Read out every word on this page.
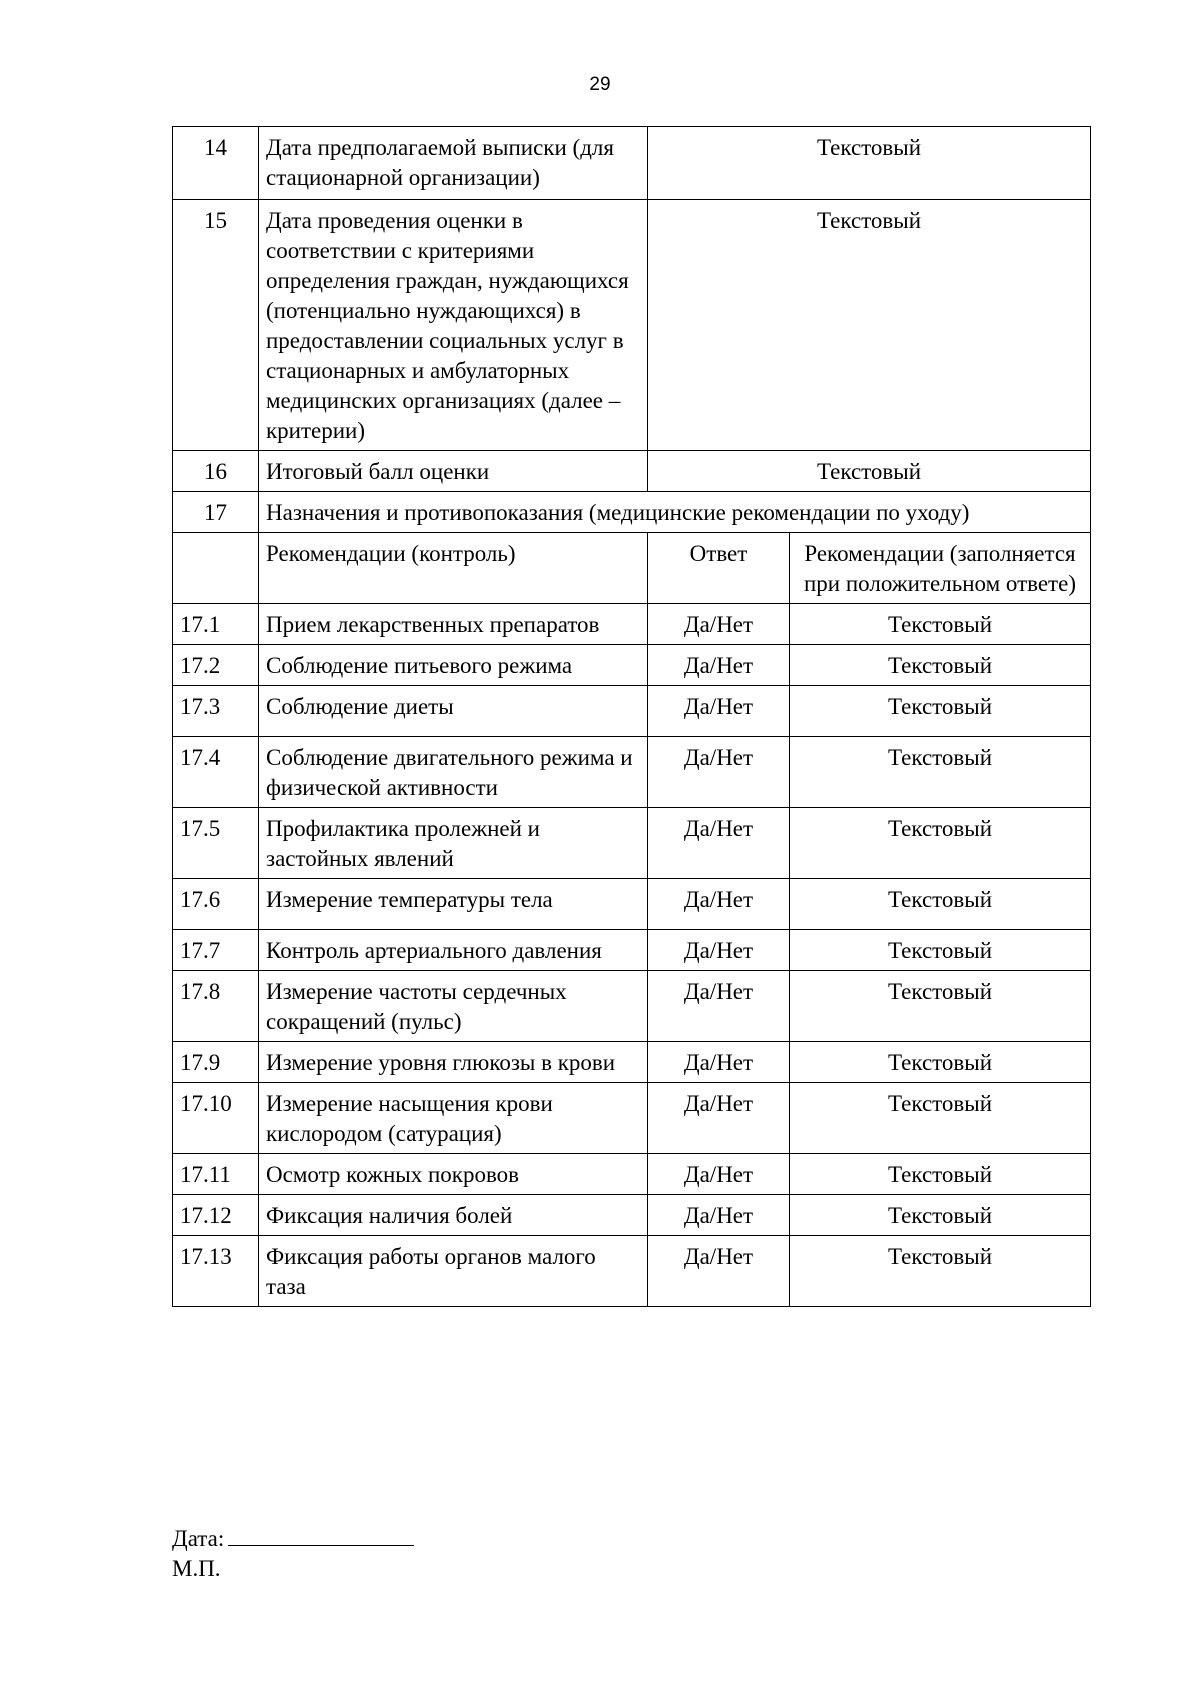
29
14	Дата предполагаемой выписки (для стационарной организации)	Текстовый	
15	Дата проведения оценки в соответствии с критериями определения граждан, нуждающихся (потенциально нуждающихся) в предоставлении социальных услуг в стационарных и амбулаторных медицинских организациях (далее – критерии)	Текстовый	
16	Итоговый балл оценки	Текстовый	
17	Назначения и противопоказания (медицинские рекомендации по уходу)		
	Рекомендации (контроль)	Ответ	Рекомендации (заполняется при положительном ответе)
17.1	Прием лекарственных препаратов	Да/Нет	Текстовый
17.2	Соблюдение питьевого режима	Да/Нет	Текстовый
17.3	Соблюдение диеты	Да/Нет	Текстовый
17.4	Соблюдение двигательного режима и физической активности	Да/Нет	Текстовый
17.5	Профилактика пролежней и застойных явлений	Да/Нет	Текстовый
17.6	Измерение температуры тела	Да/Нет	Текстовый
17.7	Контроль артериального давления	Да/Нет	Текстовый
17.8	Измерение частоты сердечных сокращений (пульс)	Да/Нет	Текстовый
17.9	Измерение уровня глюкозы в крови	Да/Нет	Текстовый
17.10	Измерение насыщения крови кислородом (сатурация)	Да/Нет	Текстовый
17.11	Осмотр кожных покровов	Да/Нет	Текстовый
17.12	Фиксация наличия болей	Да/Нет	Текстовый
17.13	Фиксация работы органов малого таза	Да/Нет	Текстовый
Дата:
М.П.
